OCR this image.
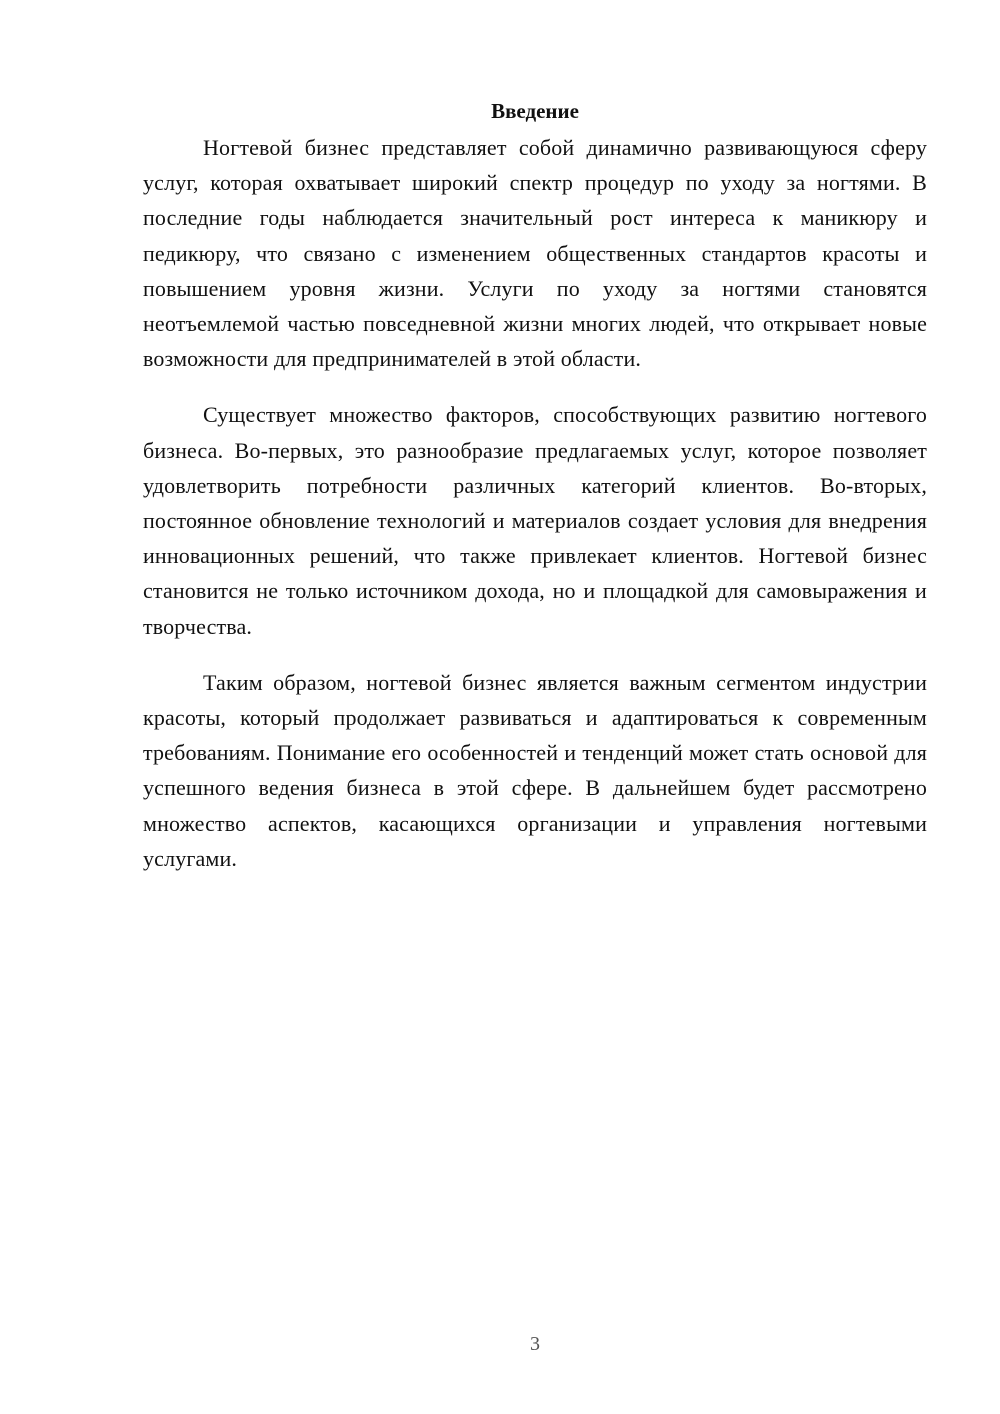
Введение

Ногтевой бизнес представляет собой динамично развивающуюся сферу услуг, которая охватывает широкий спектр процедур по уходу за ногтями. В последние годы наблюдается значительный рост интереса к маникюру и педикюру, что связано с изменением общественных стандартов красоты и повышением уровня жизни. Услуги по уходу за ногтями становятся неотъемлемой частью повседневной жизни многих людей, что открывает новые возможности для предпринимателей в этой области.

Существует множество факторов, способствующих развитию ногтевого бизнеса. Во-первых, это разнообразие предлагаемых услуг, которое позволяет удовлетворить потребности различных категорий клиентов. Во-вторых, постоянное обновление технологий и материалов создает условия для внедрения инновационных решений, что также привлекает клиентов. Ногтевой бизнес становится не только источником дохода, но и площадкой для самовыражения и творчества.

Таким образом, ногтевой бизнес является важным сегментом индустрии красоты, который продолжает развиваться и адаптироваться к современным требованиям. Понимание его особенностей и тенденций может стать основой для успешного ведения бизнеса в этой сфере. В дальнейшем будет рассмотрено множество аспектов, касающихся организации и управления ногтевыми услугами.

3
